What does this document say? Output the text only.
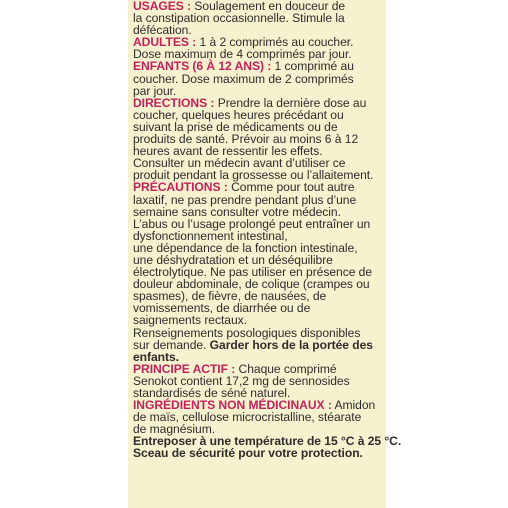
USAGES : Soulagement en douceur de
la constipation occasionnelle. Stimule la
défécation.
ADULTES : 1 à 2 comprimés au coucher.
Dose maximum de 4 comprimés par jour.
ENFANTS (6 À 12 ANS) : 1 comprimé au
coucher. Dose maximum de 2 comprimés
par jour.
DIRECTIONS : Prendre la dernière dose au
coucher, quelques heures précédant ou
suivant la prise de médicaments ou de
produits de santé. Prévoir au moins 6 à 12
heures avant de ressentir les effets.
Consulter un médecin avant d’utiliser ce
produit pendant la grossesse ou l’allaitement.
PRÉCAUTIONS : Comme pour tout autre
laxatif, ne pas prendre pendant plus d’une
semaine sans consulter votre médecin.
L’abus ou l’usage prolongé peut entraîner un
dysfonctionnement intestinal,
une dépendance de la fonction intestinale,
une déshydratation et un déséquilibre
électrolytique. Ne pas utiliser en présence de
douleur abdominale, de colique (crampes ou
spasmes), de fièvre, de nausées, de
vomissements, de diarrhée ou de
saignements rectaux.
Renseignements posologiques disponibles
sur demande. Garder hors de la portée des
enfants.
PRINCIPE ACTIF : Chaque comprimé
Senokot contient 17,2 mg de sennosides
standardisés de séné naturel.
INGRÉDIENTS NON MÉDICINAUX : Amidon
de maïs, cellulose microcristalline, stéarate
de magnésium.
Entreposer à une température de 15 °C à 25 °C.
Sceau de sécurité pour votre protection.
